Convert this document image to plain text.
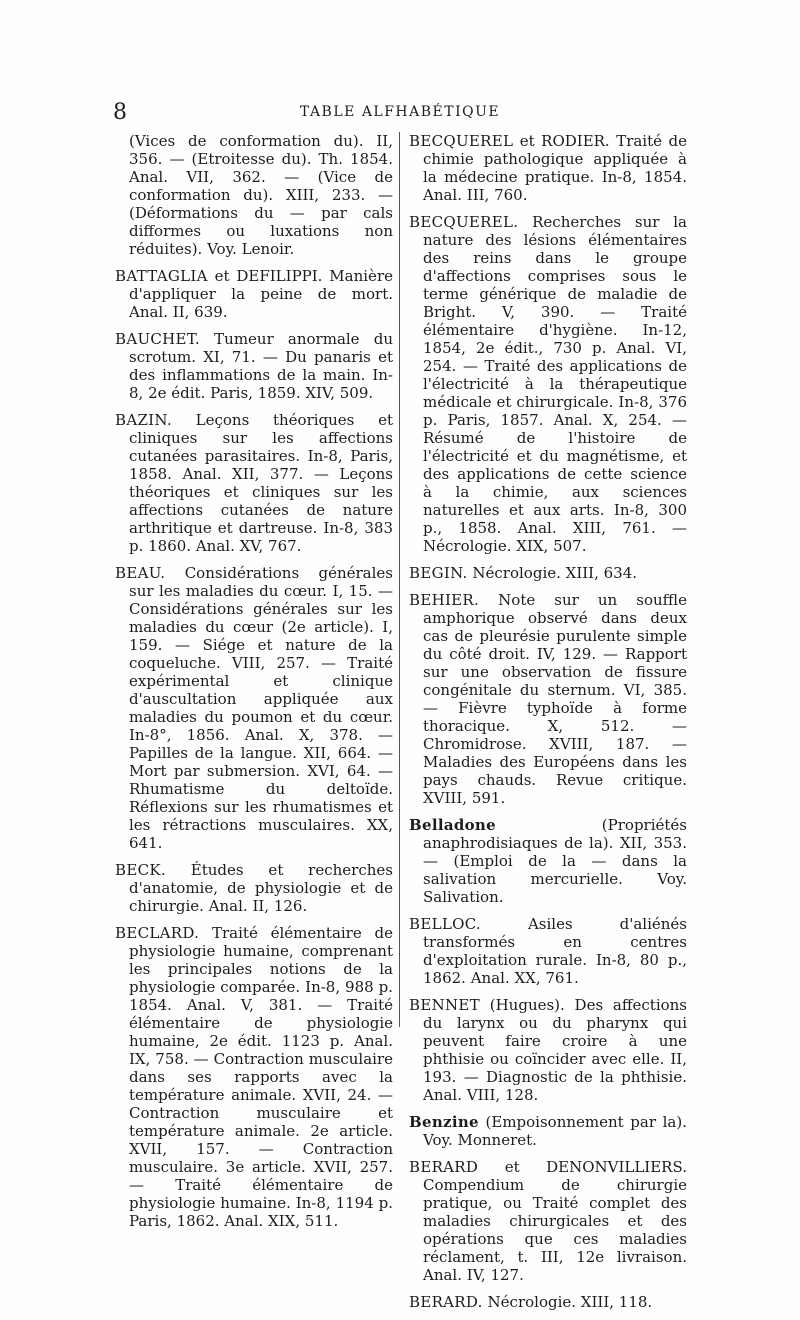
8	TABLE ALFHABÉTIQUE

(Vices de conformation du). II, 356. — (Etroitesse du). Th. 1854. Anal. VII, 362. — (Vice de conformation du). XIII, 233. — (Déformations du — par cals difformes ou luxations non réduites). Voy. Lenoir.

BATTAGLIA et DEFILIPPI. Manière d'appliquer la peine de mort. Anal. II, 639.

BAUCHET. Tumeur anormale du scrotum. XI, 71. — Du panaris et des inflammations de la main. In-8, 2e édit. Paris, 1859. XIV, 509.

BAZIN. Leçons théoriques et cliniques sur les affections cutanées parasitaires. In-8, Paris, 1858. Anal. XII, 377. — Leçons théoriques et cliniques sur les affections cutanées de nature arthritique et dartreuse. In-8, 383 p. 1860. Anal. XV, 767.

BEAU. Considérations générales sur les maladies du cœur. I, 15. — Considérations générales sur les maladies du cœur (2e article). I, 159. — Siége et nature de la coqueluche. VIII, 257. — Traité expérimental et clinique d'auscultation appliquée aux maladies du poumon et du cœur. In-8°, 1856. Anal. X, 378. — Papilles de la langue. XII, 664. — Mort par submersion. XVI, 64. — Rhumatisme du deltoïde. Réflexions sur les rhumatismes et les rétractions musculaires. XX, 641.

BECK. Études et recherches d'anatomie, de physiologie et de chirurgie. Anal. II, 126.

BECLARD. Traité élémentaire de physiologie humaine, comprenant les principales notions de la physiologie comparée. In-8, 988 p. 1854. Anal. V, 381. — Traité élémentaire de physiologie humaine, 2e édit. 1123 p. Anal. IX, 758. — Contraction musculaire dans ses rapports avec la température animale. XVII, 24. — Contraction musculaire et température animale. 2e article. XVII, 157. — Contraction musculaire. 3e article. XVII, 257. — Traité élémentaire de physiologie humaine. In-8, 1194 p. Paris, 1862. Anal. XIX, 511.

BECQUEREL et RODIER. Traité de chimie pathologique appliquée à la médecine pratique. In-8, 1854. Anal. III, 760.

BECQUEREL. Recherches sur la nature des lésions élémentaires des reins dans le groupe d'affections comprises sous le terme générique de maladie de Bright. V, 390. — Traité élémentaire d'hygiène. In-12, 1854, 2e édit., 730 p. Anal. VI, 254. — Traité des applications de l'électricité à la thérapeutique médicale et chirurgicale. In-8, 376 p. Paris, 1857. Anal. X, 254. — Résumé de l'histoire de l'électricité et du magnétisme, et des applications de cette science à la chimie, aux sciences naturelles et aux arts. In-8, 300 p., 1858. Anal. XIII, 761. — Nécrologie. XIX, 507.

BEGIN. Nécrologie. XIII, 634.

BEHIER. Note sur un souffle amphorique observé dans deux cas de pleurésie purulente simple du côté droit. IV, 129. — Rapport sur une observation de fissure congénitale du sternum. VI, 385. — Fièvre typhoïde à forme thoracique. X, 512. — Chromidrose. XVIII, 187. — Maladies des Européens dans les pays chauds. Revue critique. XVIII, 591.

Belladone	(Propriétés anaphrodisiaques de la). XII, 353. — (Emploi de la — dans la salivation mercurielle. Voy. Salivation.

BELLOC.	Asiles d'aliénés transformés en centres d'exploitation rurale. In-8, 80 p., 1862. Anal. XX, 761.

BENNET (Hugues). Des affections du larynx ou du pharynx qui peuvent faire croire à une phthisie ou coïncider avec elle. II, 193. — Diagnostic de la phthisie. Anal. VIII, 128.

Benzine (Empoisonnement par la). Voy. Monneret.

BERARD et DENONVILLIERS. Compendium de chirurgie pratique, ou Traité complet des maladies chirurgicales et des opérations que ces maladies réclament, t. III, 12e livraison. Anal. IV, 127.

BERARD. Nécrologie. XIII, 118.
